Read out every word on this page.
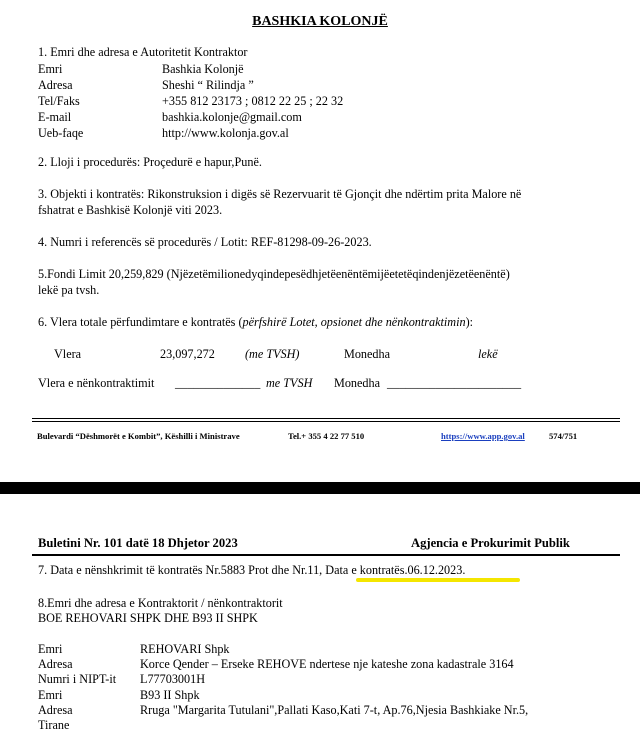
BASHKIA KOLONJË
1. Emri dhe adresa e Autoritetit Kontraktor
Emri	Bashkia Kolonjë
Adresa	Sheshi “ Rilindja ”
Tel/Faks	+355 812 23173 ; 0812 22 25 ; 22 32
E-mail	bashkia.kolonje@gmail.com
Ueb-faqe	http://www.kolonja.gov.al
2. Lloji i procedurës: Proçedurë e hapur,Punë.
3. Objekti i kontratës: Rikonstruksion i digës së Rezervuarit të Gjonçit dhe ndërtim prita Malore në
fshatrat e Bashkisë Kolonjë viti 2023.
4. Numri i referencës së procedurës / Lotit: REF-81298-09-26-2023.
5.Fondi Limit 20,259,829 (Njëzetëmilionedyqindepesëdhjetëenëntëmijëetetëqindenjëzetëenëntë)
lekë pa tvsh.
6. Vlera totale përfundimtare e kontratës (përfshirë Lotet, opsionet dhe nënkontraktimin):
Vlera	23,097,272 (me TVSH)	Monedha	lekë
Vlera e nënkontraktimit ______________ me TVSH Monedha ______________________
Bulevardi “Dëshmorët e Kombit”, Këshilli i Ministrave	Tel.+ 355 4 22 77 510	https://www.app.gov.al	574/751
Buletini Nr. 101 datë 18 Dhjetor 2023	Agjencia e Prokurimit Publik
7. Data e nënshkrimit të kontratës Nr.5883 Prot dhe Nr.11, Data e kontratës.06.12.2023.
8.Emri dhe adresa e Kontraktorit / nënkontraktorit
BOE REHOVARI SHPK DHE B93 II SHPK
Emri	REHOVARI Shpk
Adresa	Korce Qender – Erseke REHOVE ndertese nje kateshe zona kadastrale 3164
Numri i NIPT-it L77703001H
Emri	B93 II Shpk
Adresa	Rruga "Margarita Tutulani",Pallati Kaso,Kati 7-t, Ap.76,Njesia Bashkiake Nr.5,
Tirane
